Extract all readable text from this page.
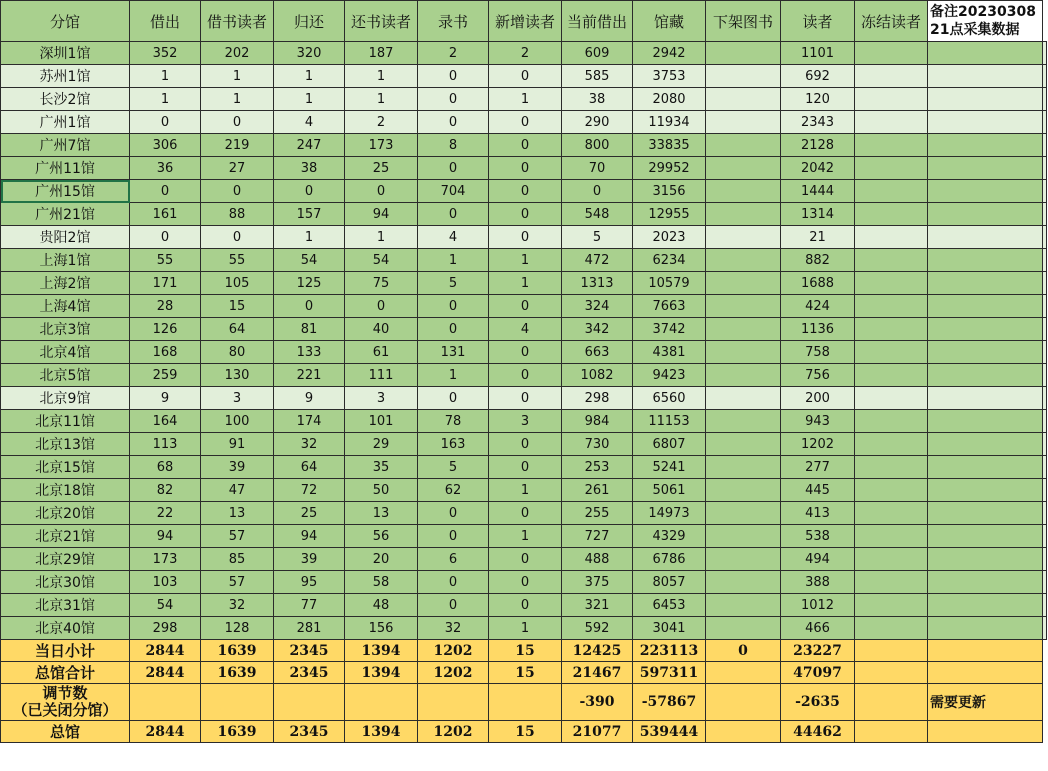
分馆	借出	借书读者	归还	还书读者	录书	新增读者	当前借出	馆藏	下架图书	读者	冻结读者	备注20230308 21点采集数据	
深圳1馆	352	202	320	187	2	2	609	2942		1101			
苏州1馆	1	1	1	1	0	0	585	3753		692			
长沙2馆	1	1	1	1	0	1	38	2080		120			
广州1馆	0	0	4	2	0	0	290	11934		2343			
广州7馆	306	219	247	173	8	0	800	33835		2128			
广州11馆	36	27	38	25	0	0	70	29952		2042			
广州15馆	0	0	0	0	704	0	0	3156		1444			
广州21馆	161	88	157	94	0	0	548	12955		1314			
贵阳2馆	0	0	1	1	4	0	5	2023		21			
上海1馆	55	55	54	54	1	1	472	6234		882			
上海2馆	171	105	125	75	5	1	1313	10579		1688			
上海4馆	28	15	0	0	0	0	324	7663		424			
北京3馆	126	64	81	40	0	4	342	3742		1136			
北京4馆	168	80	133	61	131	0	663	4381		758			
北京5馆	259	130	221	111	1	0	1082	9423		756			
北京9馆	9	3	9	3	0	0	298	6560		200			
北京11馆	164	100	174	101	78	3	984	11153		943			
北京13馆	113	91	32	29	163	0	730	6807		1202			
北京15馆	68	39	64	35	5	0	253	5241		277			
北京18馆	82	47	72	50	62	1	261	5061		445			
北京20馆	22	13	25	13	0	0	255	14973		413			
北京21馆	94	57	94	56	0	1	727	4329		538			
北京29馆	173	85	39	20	6	0	488	6786		494			
北京30馆	103	57	95	58	0	0	375	8057		388			
北京31馆	54	32	77	48	0	0	321	6453		1012			
北京40馆	298	128	281	156	32	1	592	3041		466			
当日小计	2844	1639	2345	1394	1202	15	12425	223113	0	23227			
总馆合计	2844	1639	2345	1394	1202	15	21467	597311		47097			

调节数
（已关闭分馆）							-390	-57867		-2635		需要更新	
总馆	2844	1639	2345	1394	1202	15	21077	539444		44462			
